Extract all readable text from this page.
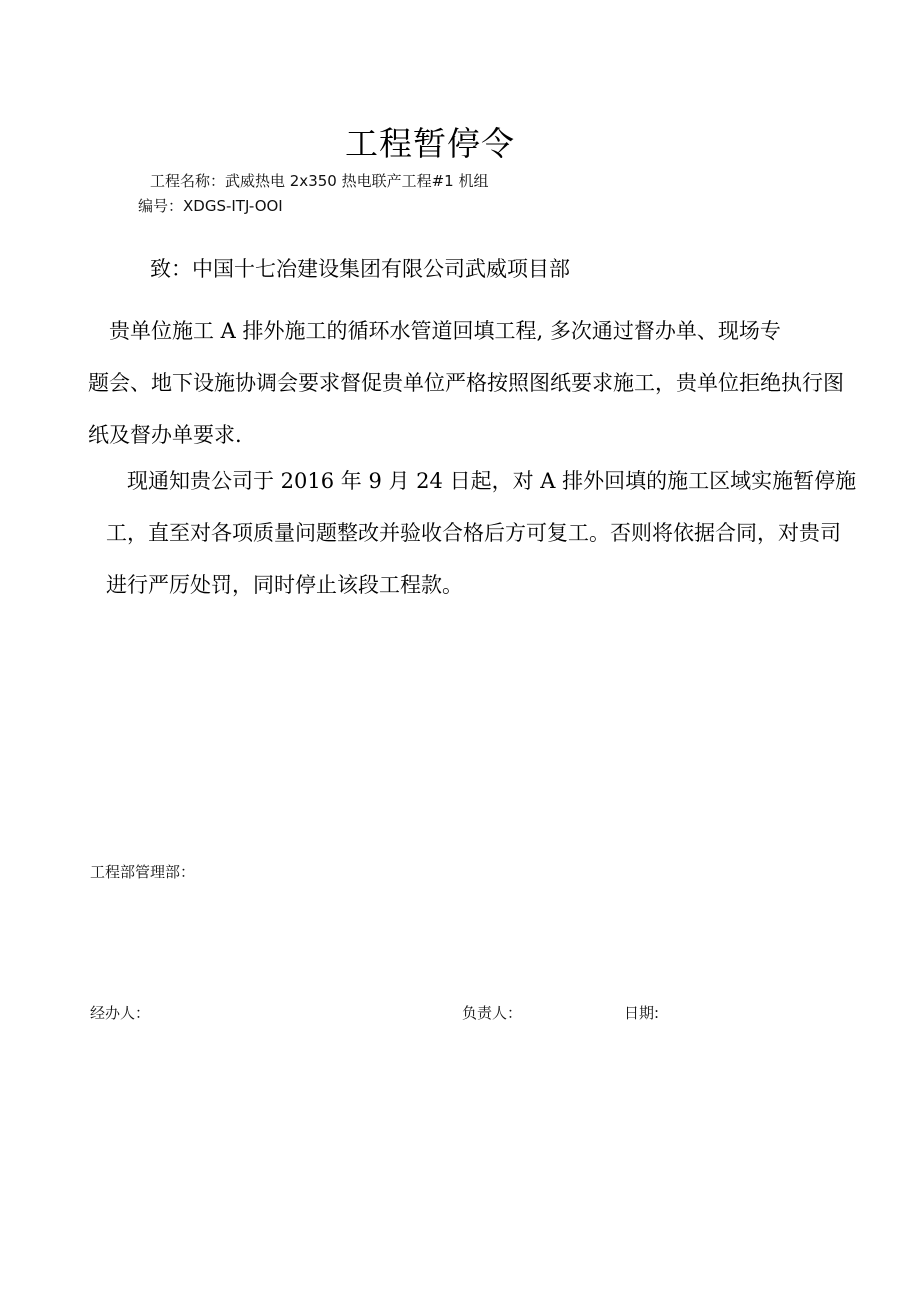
工程暂停令
工程名称：武威热电 2x350 热电联产工程#1 机组
编号：XDGS-ITJ-OOI
致：中国十七冶建设集团有限公司武威项目部
　贵单位施工 A 排外施工的循环水管道回填工程, 多次通过督办单、现场专
题会、地下设施协调会要求督促贵单位严格按照图纸要求施工，贵单位拒绝执行图
纸及督办单要求.
　现通知贵公司于 2016 年 9 月 24 日起，对 A 排外回填的施工区域实施暂停施
工，直至对各项质量问题整改并验收合格后方可复工。否则将依据合同，对贵司
进行严厉处罚，同时停止该段工程款。
工程部管理部：
经办人：	负责人：	日期:
